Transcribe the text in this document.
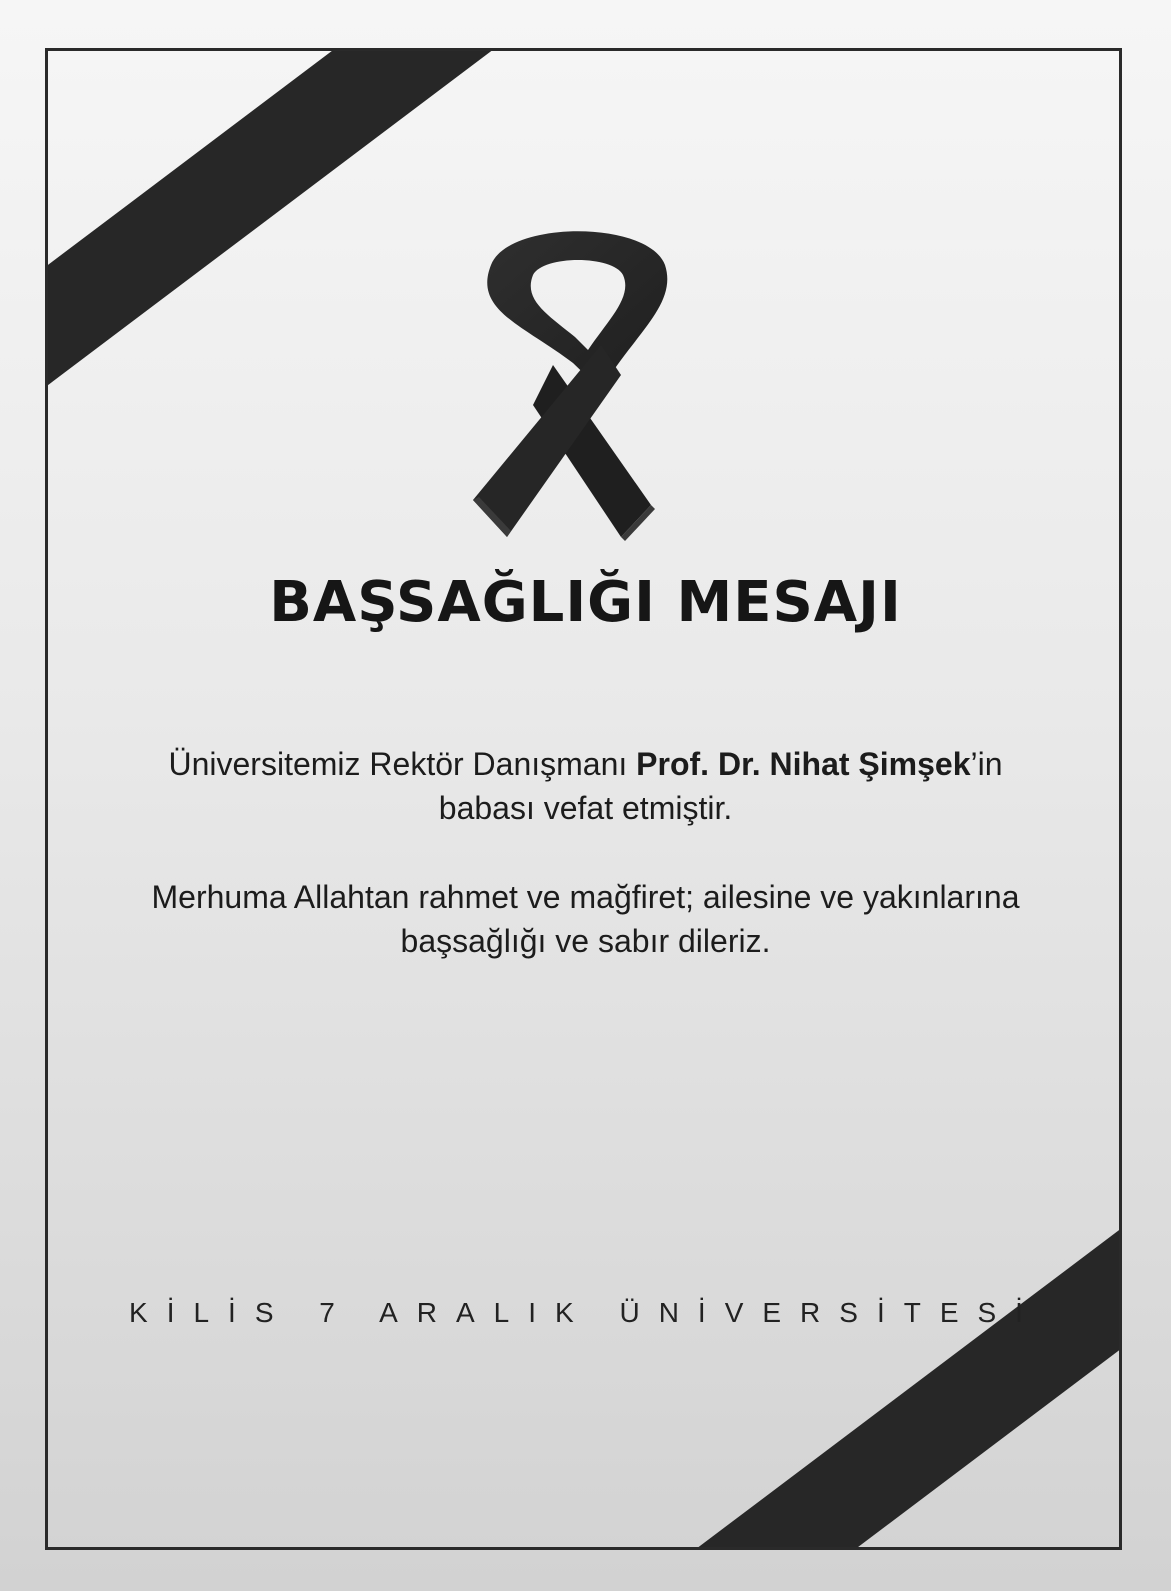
BAŞSAĞLIĞI MESAJI

Üniversitemiz Rektör Danışmanı Prof. Dr. Nihat Şimşek’in
babası vefat etmiştir.

Merhuma Allahtan rahmet ve mağfiret; ailesine ve yakınlarına
başsağlığı ve sabır dileriz.

KİLİS 7 ARALIK ÜNİVERSİTESİ
